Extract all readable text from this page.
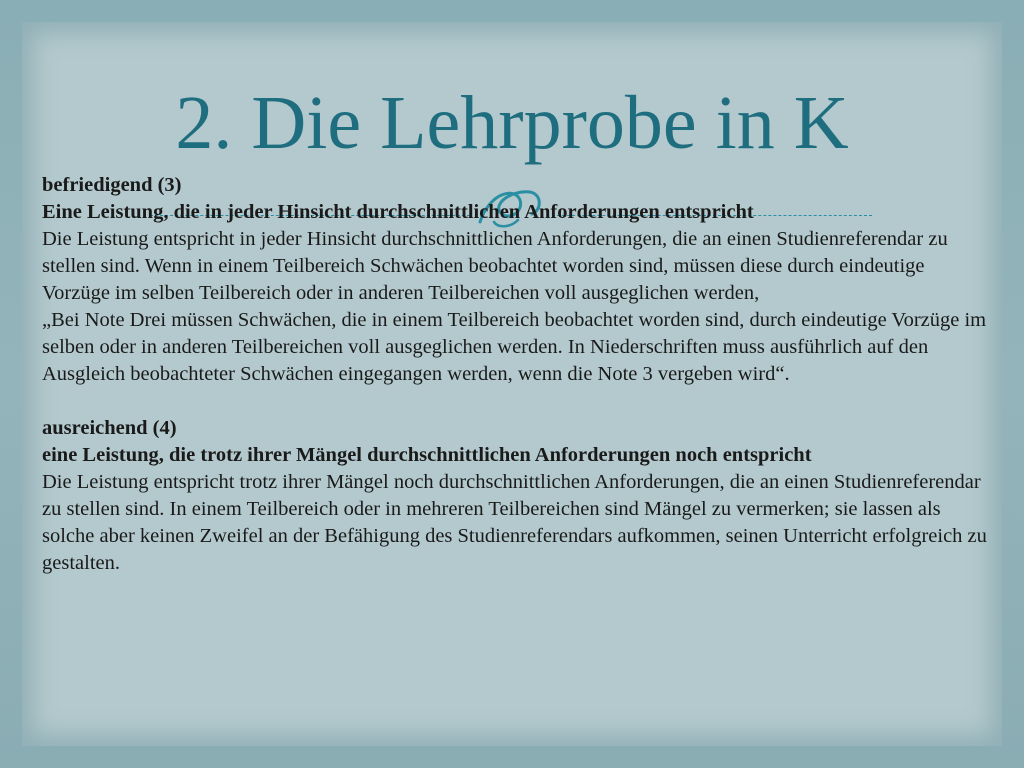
2. Die Lehrprobe in K

befriedigend (3)

Eine Leistung, die in jeder Hinsicht durchschnittlichen Anforderungen entspricht

Die Leistung entspricht in jeder Hinsicht durchschnittlichen Anforderungen, die an einen Studienreferendar zu stellen sind. Wenn in einem Teilbereich Schwächen beobachtet worden sind, müssen diese durch eindeutige Vorzüge im selben Teilbereich oder in anderen Teilbereichen voll ausgeglichen werden,

„Bei Note Drei müssen Schwächen, die in einem Teilbereich beobachtet worden sind, durch eindeutige Vorzüge im selben oder in anderen Teilbereichen voll ausgeglichen werden. In Niederschriften muss ausführlich auf den Ausgleich beobachteter Schwächen eingegangen werden, wenn die Note 3 vergeben wird“.

ausreichend (4)

eine Leistung, die trotz ihrer Mängel durchschnittlichen Anforderungen noch entspricht

Die Leistung entspricht trotz ihrer Mängel noch durchschnittlichen Anforderungen, die an einen Studienreferendar zu stellen sind. In einem Teilbereich oder in mehreren Teilbereichen sind Mängel zu vermerken; sie lassen als solche aber keinen Zweifel an der Befähigung des Studienreferendars aufkommen, seinen Unterricht erfolgreich zu gestalten.
